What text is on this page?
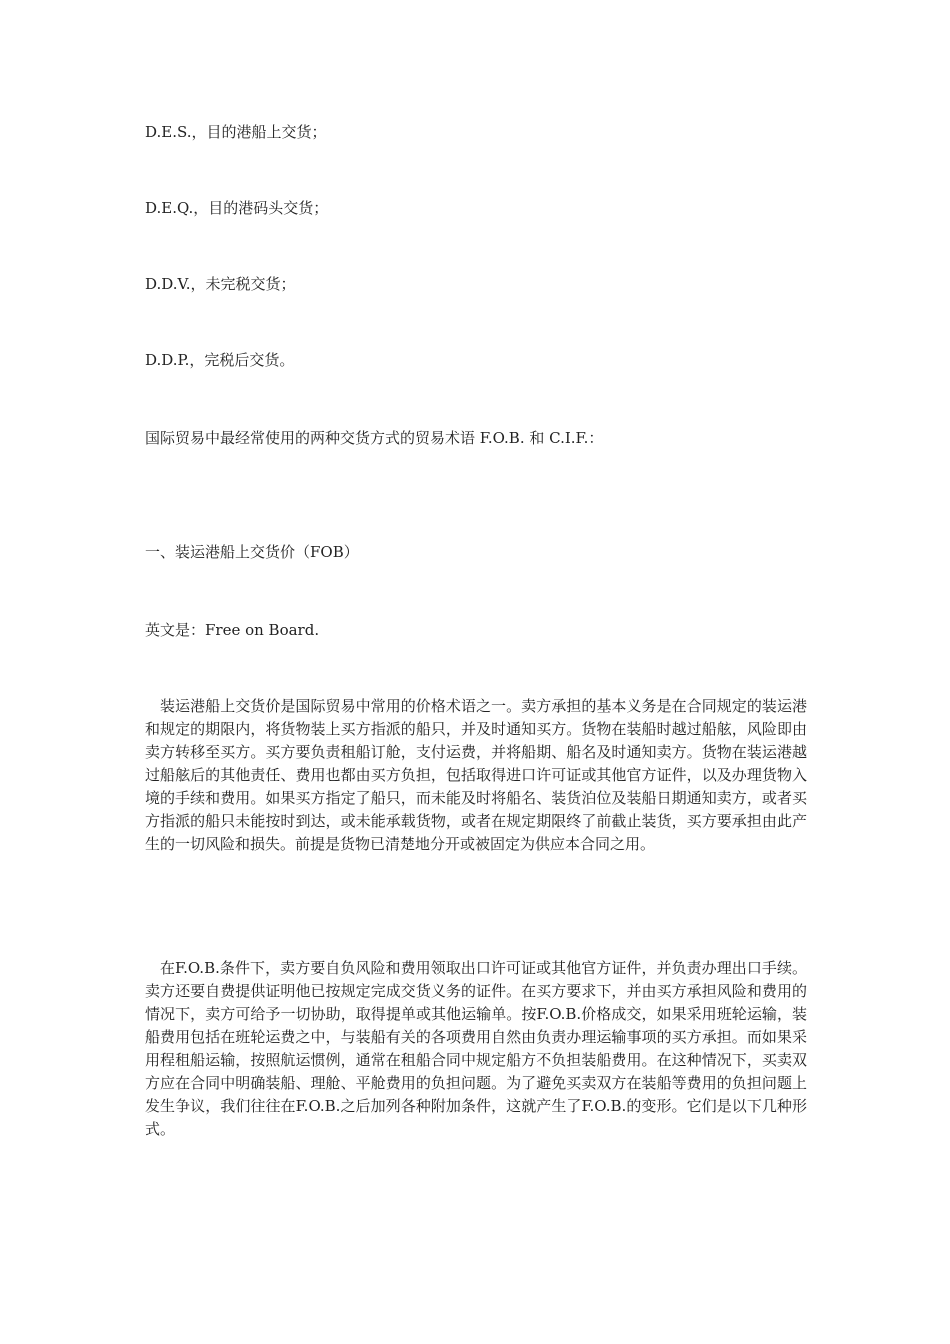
D.E.S.，目的港船上交货；
D.E.Q.，目的港码头交货；
D.D.V.，未完税交货；
D.D.P.，完税后交货。
国际贸易中最经常使用的两种交货方式的贸易术语 F.O.B. 和 C.I.F.：
一、装运港船上交货价（FOB）
英文是：Free on Board.
装运港船上交货价是国际贸易中常用的价格术语之一。卖方承担的基本义务是在合同规定的装运港和规定的期限内，将货物装上买方指派的船只，并及时通知买方。货物在装船时越过船舷，风险即由卖方转移至买方。买方要负责租船订舱，支付运费，并将船期、船名及时通知卖方。货物在装运港越过船舷后的其他责任、费用也都由买方负担，包括取得进口许可证或其他官方证件，以及办理货物入境的手续和费用。如果买方指定了船只，而未能及时将船名、装货泊位及装船日期通知卖方，或者买方指派的船只未能按时到达，或未能承载货物，或者在规定期限终了前截止装货，买方要承担由此产生的一切风险和损失。前提是货物已清楚地分开或被固定为供应本合同之用。
在F.O.B.条件下，卖方要自负风险和费用领取出口许可证或其他官方证件，并负责办理出口手续。卖方还要自费提供证明他已按规定完成交货义务的证件。在买方要求下，并由买方承担风险和费用的情况下，卖方可给予一切协助，取得提单或其他运输单。按F.O.B.价格成交，如果采用班轮运输，装船费用包括在班轮运费之中，与装船有关的各项费用自然由负责办理运输事项的买方承担。而如果采用程租船运输，按照航运惯例，通常在租船合同中规定船方不负担装船费用。在这种情况下，买卖双方应在合同中明确装船、理舱、平舱费用的负担问题。为了避免买卖双方在装船等费用的负担问题上发生争议，我们往往在F.O.B.之后加列各种附加条件，这就产生了F.O.B.的变形。它们是以下几种形式。
